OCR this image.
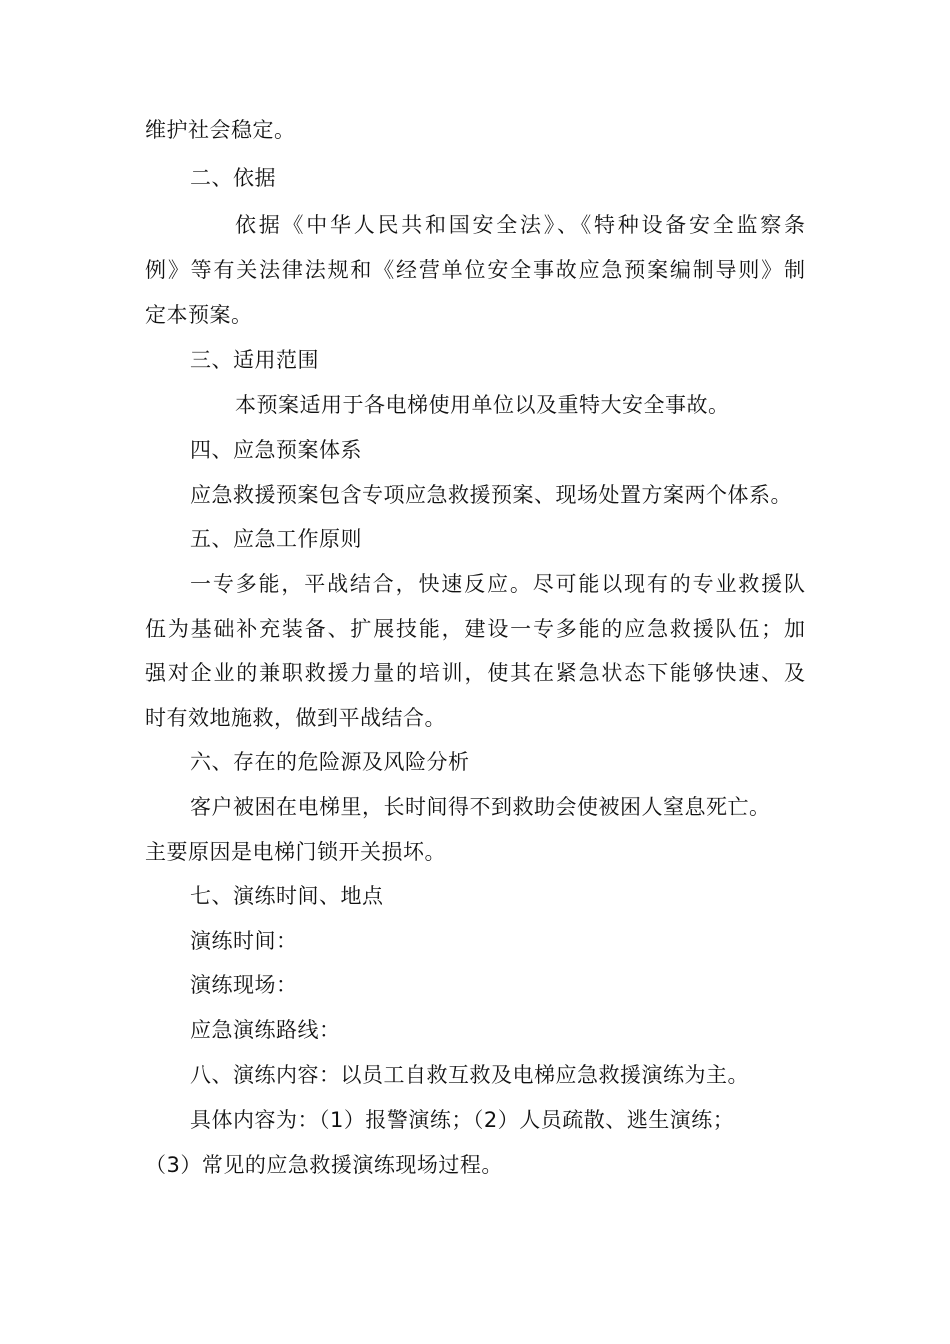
维护社会稳定。
二、依据
依据《中华人民共和国安全法》、《特种设备安全监察条
例》等有关法律法规和《经营单位安全事故应急预案编制导则》制
定本预案。
三、适用范围
本预案适用于各电梯使用单位以及重特大安全事故。
四、应急预案体系
应急救援预案包含专项应急救援预案、现场处置方案两个体系。
五、应急工作原则
一专多能，平战结合，快速反应。尽可能以现有的专业救援队
伍为基础补充装备、扩展技能，建设一专多能的应急救援队伍；加
强对企业的兼职救援力量的培训，使其在紧急状态下能够快速、及
时有效地施救，做到平战结合。
六、存在的危险源及风险分析
客户被困在电梯里，长时间得不到救助会使被困人窒息死亡。
主要原因是电梯门锁开关损坏。
七、演练时间、地点
演练时间：
演练现场：
应急演练路线：
八、演练内容：以员工自救互救及电梯应急救援演练为主。
具体内容为：（1）报警演练；（2）人员疏散、逃生演练；
（3）常见的应急救援演练现场过程。
